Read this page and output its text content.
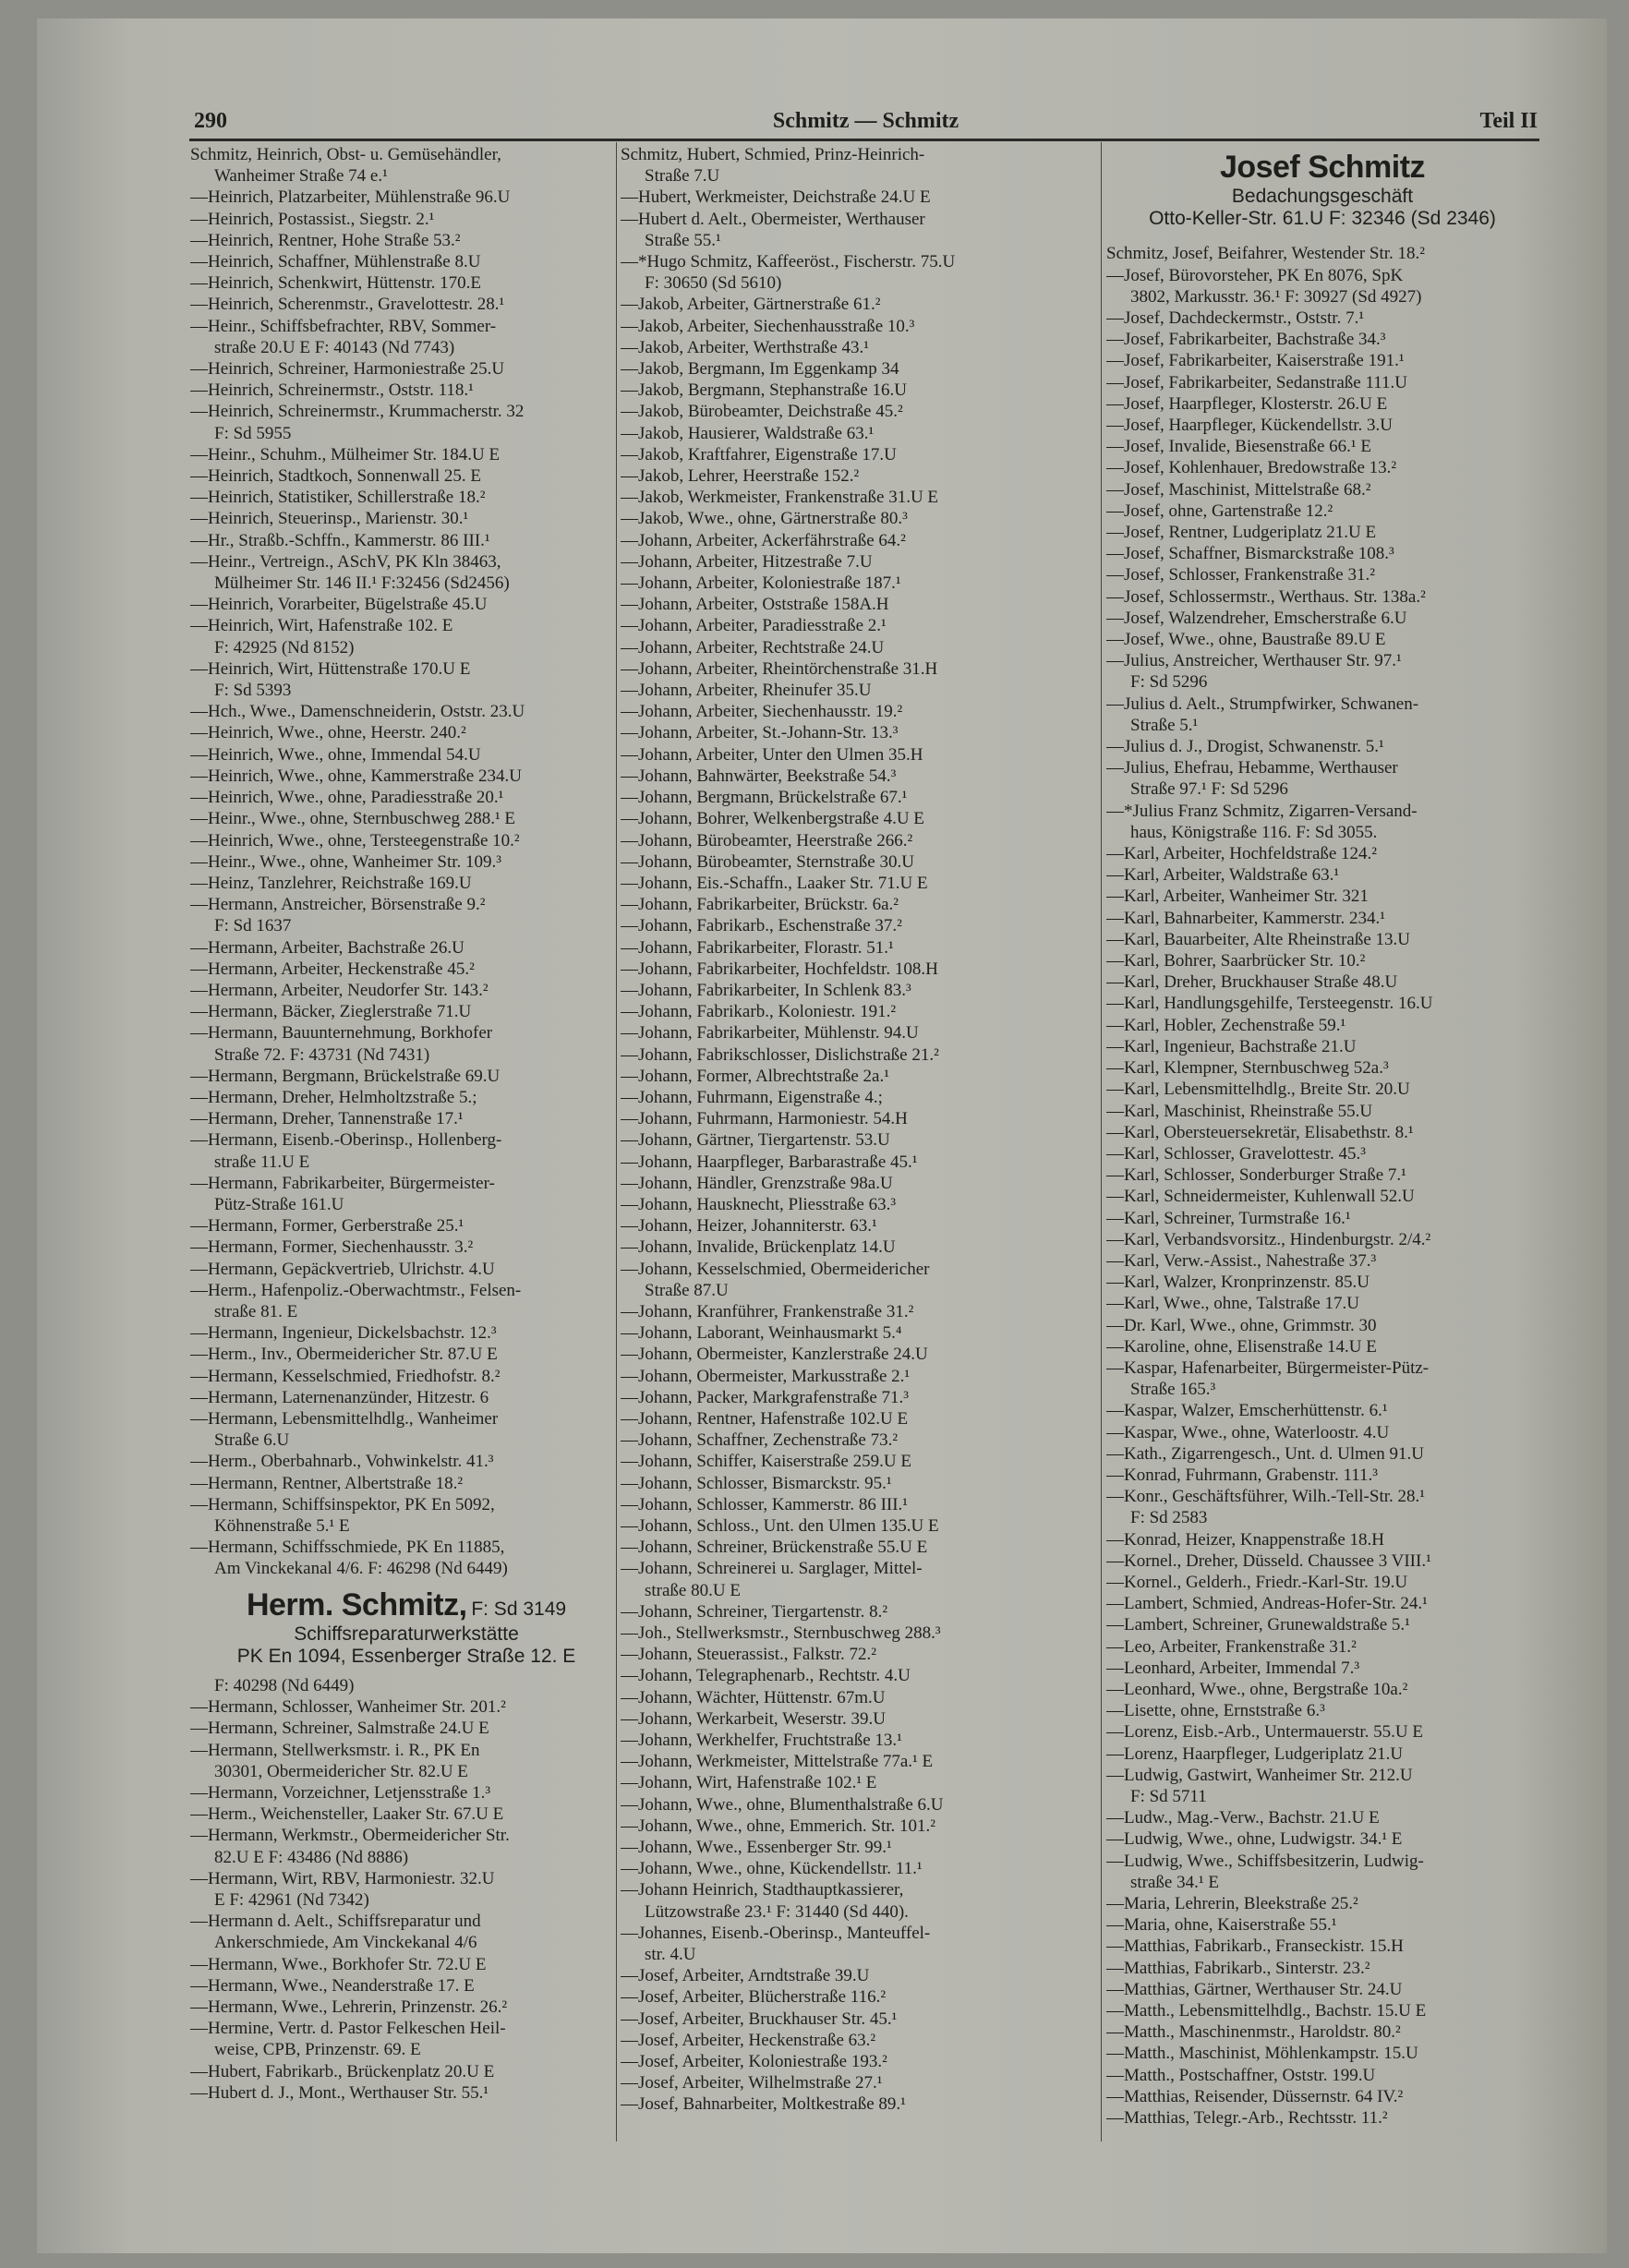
290	Schmitz — Schmitz	Teil II
Schmitz, Heinrich, Obst- u. Gemüsehändler,
Wanheimer Straße 74 e.¹
—Heinrich, Platzarbeiter, Mühlenstraße 96.U
—Heinrich, Postassist., Siegstr. 2.¹
—Heinrich, Rentner, Hohe Straße 53.²
—Heinrich, Schaffner, Mühlenstraße 8.U
—Heinrich, Schenkwirt, Hüttenstr. 170.E
—Heinrich, Scherenmstr., Gravelottestr. 28.¹
—Heinr., Schiffsbefrachter, RBV, Sommer-
straße 20.U E F: 40143 (Nd 7743)
—Heinrich, Schreiner, Harmoniestraße 25.U
—Heinrich, Schreinermstr., Oststr. 118.¹
—Heinrich, Schreinermstr., Krummacherstr. 32
F: Sd 5955
—Heinr., Schuhm., Mülheimer Str. 184.U E
—Heinrich, Stadtkoch, Sonnenwall 25. E
—Heinrich, Statistiker, Schillerstraße 18.²
—Heinrich, Steuerinsp., Marienstr. 30.¹
—Hr., Straßb.-Schffn., Kammerstr. 86 III.¹
—Heinr., Vertreign., ASchV, PK Kln 38463,
Mülheimer Str. 146 II.¹ F:32456 (Sd2456)
—Heinrich, Vorarbeiter, Bügelstraße 45.U
—Heinrich, Wirt, Hafenstraße 102. E
F: 42925 (Nd 8152)
—Heinrich, Wirt, Hüttenstraße 170.U E
F: Sd 5393
—Hch., Wwe., Damenschneiderin, Oststr. 23.U
—Heinrich, Wwe., ohne, Heerstr. 240.²
—Heinrich, Wwe., ohne, Immendal 54.U
—Heinrich, Wwe., ohne, Kammerstraße 234.U
—Heinrich, Wwe., ohne, Paradiesstraße 20.¹
—Heinr., Wwe., ohne, Sternbuschweg 288.¹ E
—Heinrich, Wwe., ohne, Tersteegenstraße 10.²
—Heinr., Wwe., ohne, Wanheimer Str. 109.³
—Heinz, Tanzlehrer, Reichstraße 169.U
—Hermann, Anstreicher, Börsenstraße 9.²
F: Sd 1637
—Hermann, Arbeiter, Bachstraße 26.U
—Hermann, Arbeiter, Heckenstraße 45.²
—Hermann, Arbeiter, Neudorfer Str. 143.²
—Hermann, Bäcker, Zieglerstraße 71.U
—Hermann, Bauunternehmung, Borkhofer
Straße 72. F: 43731 (Nd 7431)
—Hermann, Bergmann, Brückelstraße 69.U
—Hermann, Dreher, Helmholtzstraße 5.;
—Hermann, Dreher, Tannenstraße 17.¹
—Hermann, Eisenb.-Oberinsp., Hollenberg-
straße 11.U E
—Hermann, Fabrikarbeiter, Bürgermeister-
Pütz-Straße 161.U
—Hermann, Former, Gerberstraße 25.¹
—Hermann, Former, Siechenhausstr. 3.²
—Hermann, Gepäckvertrieb, Ulrichstr. 4.U
—Herm., Hafenpoliz.-Oberwachtmstr., Felsen-
straße 81. E
—Hermann, Ingenieur, Dickelsbachstr. 12.³
—Herm., Inv., Obermeidericher Str. 87.U E
—Hermann, Kesselschmied, Friedhofstr. 8.²
—Hermann, Laternenanzünder, Hitzestr. 6
—Hermann, Lebensmittelhdlg., Wanheimer
Straße 6.U
—Herm., Oberbahnarb., Vohwinkelstr. 41.³
—Hermann, Rentner, Albertstraße 18.²
—Hermann, Schiffsinspektor, PK En 5092,
Köhnenstraße 5.¹ E
—Hermann, Schiffsschmiede, PK En 11885,
Am Vinckekanal 4/6. F: 46298 (Nd 6449)
Herm. Schmitz, F: Sd 3149
Schiffsreparaturwerkstätte
PK En 1094, Essenberger Straße 12. E
F: 40298 (Nd 6449)
—Hermann, Schlosser, Wanheimer Str. 201.²
—Hermann, Schreiner, Salmstraße 24.U E
—Hermann, Stellwerksmstr. i. R., PK En
30301, Obermeidericher Str. 82.U E
—Hermann, Vorzeichner, Letjensstraße 1.³
—Herm., Weichensteller, Laaker Str. 67.U E
—Hermann, Werkmstr., Obermeidericher Str.
82.U E F: 43486 (Nd 8886)
—Hermann, Wirt, RBV, Harmoniestr. 32.U
E F: 42961 (Nd 7342)
—Hermann d. Aelt., Schiffsreparatur und
Ankerschmiede, Am Vinckekanal 4/6
—Hermann, Wwe., Borkhofer Str. 72.U E
—Hermann, Wwe., Neanderstraße 17. E
—Hermann, Wwe., Lehrerin, Prinzenstr. 26.²
—Hermine, Vertr. d. Pastor Felkeschen Heil-
weise, CPB, Prinzenstr. 69. E
—Hubert, Fabrikarb., Brückenplatz 20.U E
—Hubert d. J., Mont., Werthauser Str. 55.¹
Schmitz, Hubert, Schmied, Prinz-Heinrich-
Straße 7.U
—Hubert, Werkmeister, Deichstraße 24.U E
—Hubert d. Aelt., Obermeister, Werthauser
Straße 55.¹
—*Hugo Schmitz, Kaffeeröst., Fischerstr. 75.U
F: 30650 (Sd 5610)
—Jakob, Arbeiter, Gärtnerstraße 61.²
—Jakob, Arbeiter, Siechenhausstraße 10.³
—Jakob, Arbeiter, Werthstraße 43.¹
—Jakob, Bergmann, Im Eggenkamp 34
—Jakob, Bergmann, Stephanstraße 16.U
—Jakob, Bürobeamter, Deichstraße 45.²
—Jakob, Hausierer, Waldstraße 63.¹
—Jakob, Kraftfahrer, Eigenstraße 17.U
—Jakob, Lehrer, Heerstraße 152.²
—Jakob, Werkmeister, Frankenstraße 31.U E
—Jakob, Wwe., ohne, Gärtnerstraße 80.³
—Johann, Arbeiter, Ackerfährstraße 64.²
—Johann, Arbeiter, Hitzestraße 7.U
—Johann, Arbeiter, Koloniestraße 187.¹
—Johann, Arbeiter, Oststraße 158A.H
—Johann, Arbeiter, Paradiesstraße 2.¹
—Johann, Arbeiter, Rechtstraße 24.U
—Johann, Arbeiter, Rheintörchenstraße 31.H
—Johann, Arbeiter, Rheinufer 35.U
—Johann, Arbeiter, Siechenhausstr. 19.²
—Johann, Arbeiter, St.-Johann-Str. 13.³
—Johann, Arbeiter, Unter den Ulmen 35.H
—Johann, Bahnwärter, Beekstraße 54.³
—Johann, Bergmann, Brückelstraße 67.¹
—Johann, Bohrer, Welkenbergstraße 4.U E
—Johann, Bürobeamter, Heerstraße 266.²
—Johann, Bürobeamter, Sternstraße 30.U
—Johann, Eis.-Schaffn., Laaker Str. 71.U E
—Johann, Fabrikarbeiter, Brückstr. 6a.²
—Johann, Fabrikarb., Eschenstraße 37.²
—Johann, Fabrikarbeiter, Florastr. 51.¹
—Johann, Fabrikarbeiter, Hochfeldstr. 108.H
—Johann, Fabrikarbeiter, In Schlenk 83.³
—Johann, Fabrikarb., Koloniestr. 191.²
—Johann, Fabrikarbeiter, Mühlenstr. 94.U
—Johann, Fabrikschlosser, Dislichstraße 21.²
—Johann, Former, Albrechtstraße 2a.¹
—Johann, Fuhrmann, Eigenstraße 4.;
—Johann, Fuhrmann, Harmoniestr. 54.H
—Johann, Gärtner, Tiergartenstr. 53.U
—Johann, Haarpfleger, Barbarastraße 45.¹
—Johann, Händler, Grenzstraße 98a.U
—Johann, Hausknecht, Pliesstraße 63.³
—Johann, Heizer, Johanniterstr. 63.¹
—Johann, Invalide, Brückenplatz 14.U
—Johann, Kesselschmied, Obermeidericher
Straße 87.U
—Johann, Kranführer, Frankenstraße 31.²
—Johann, Laborant, Weinhausmarkt 5.⁴
—Johann, Obermeister, Kanzlerstraße 24.U
—Johann, Obermeister, Markusstraße 2.¹
—Johann, Packer, Markgrafenstraße 71.³
—Johann, Rentner, Hafenstraße 102.U E
—Johann, Schaffner, Zechenstraße 73.²
—Johann, Schiffer, Kaiserstraße 259.U E
—Johann, Schlosser, Bismarckstr. 95.¹
—Johann, Schlosser, Kammerstr. 86 III.¹
—Johann, Schloss., Unt. den Ulmen 135.U E
—Johann, Schreiner, Brückenstraße 55.U E
—Johann, Schreinerei u. Sarglager, Mittel-
straße 80.U E
—Johann, Schreiner, Tiergartenstr. 8.²
—Joh., Stellwerksmstr., Sternbuschweg 288.³
—Johann, Steuerassist., Falkstr. 72.²
—Johann, Telegraphenarb., Rechtstr. 4.U
—Johann, Wächter, Hüttenstr. 67m.U
—Johann, Werkarbeit, Weserstr. 39.U
—Johann, Werkhelfer, Fruchtstraße 13.¹
—Johann, Werkmeister, Mittelstraße 77a.¹ E
—Johann, Wirt, Hafenstraße 102.¹ E
—Johann, Wwe., ohne, Blumenthalstraße 6.U
—Johann, Wwe., ohne, Emmerich. Str. 101.²
—Johann, Wwe., Essenberger Str. 99.¹
—Johann, Wwe., ohne, Kückendellstr. 11.¹
—Johann Heinrich, Stadthauptkassierer,
Lützowstraße 23.¹ F: 31440 (Sd 440).
—Johannes, Eisenb.-Oberinsp., Manteuffel-
str. 4.U
—Josef, Arbeiter, Arndtstraße 39.U
—Josef, Arbeiter, Blücherstraße 116.²
—Josef, Arbeiter, Bruckhauser Str. 45.¹
—Josef, Arbeiter, Heckenstraße 63.²
—Josef, Arbeiter, Koloniestraße 193.²
—Josef, Arbeiter, Wilhelmstraße 27.¹
—Josef, Bahnarbeiter, Moltkestraße 89.¹
Josef Schmitz
Bedachungsgeschäft
Otto-Keller-Str. 61.U F: 32346 (Sd 2346)
Schmitz, Josef, Beifahrer, Westender Str. 18.²
—Josef, Bürovorsteher, PK En 8076, SpK
3802, Markusstr. 36.¹ F: 30927 (Sd 4927)
—Josef, Dachdeckermstr., Oststr. 7.¹
—Josef, Fabrikarbeiter, Bachstraße 34.³
—Josef, Fabrikarbeiter, Kaiserstraße 191.¹
—Josef, Fabrikarbeiter, Sedanstraße 111.U
—Josef, Haarpfleger, Klosterstr. 26.U E
—Josef, Haarpfleger, Kückendellstr. 3.U
—Josef, Invalide, Biesenstraße 66.¹ E
—Josef, Kohlenhauer, Bredowstraße 13.²
—Josef, Maschinist, Mittelstraße 68.²
—Josef, ohne, Gartenstraße 12.²
—Josef, Rentner, Ludgeriplatz 21.U E
—Josef, Schaffner, Bismarckstraße 108.³
—Josef, Schlosser, Frankenstraße 31.²
—Josef, Schlossermstr., Werthaus. Str. 138a.²
—Josef, Walzendreher, Emscherstraße 6.U
—Josef, Wwe., ohne, Baustraße 89.U E
—Julius, Anstreicher, Werthauser Str. 97.¹
F: Sd 5296
—Julius d. Aelt., Strumpfwirker, Schwanen-
Straße 5.¹
—Julius d. J., Drogist, Schwanenstr. 5.¹
—Julius, Ehefrau, Hebamme, Werthauser
Straße 97.¹ F: Sd 5296
—*Julius Franz Schmitz, Zigarren-Versand-
haus, Königstraße 116. F: Sd 3055.
—Karl, Arbeiter, Hochfeldstraße 124.²
—Karl, Arbeiter, Waldstraße 63.¹
—Karl, Arbeiter, Wanheimer Str. 321
—Karl, Bahnarbeiter, Kammerstr. 234.¹
—Karl, Bauarbeiter, Alte Rheinstraße 13.U
—Karl, Bohrer, Saarbrücker Str. 10.²
—Karl, Dreher, Bruckhauser Straße 48.U
—Karl, Handlungsgehilfe, Tersteegenstr. 16.U
—Karl, Hobler, Zechenstraße 59.¹
—Karl, Ingenieur, Bachstraße 21.U
—Karl, Klempner, Sternbuschweg 52a.³
—Karl, Lebensmittelhdlg., Breite Str. 20.U
—Karl, Maschinist, Rheinstraße 55.U
—Karl, Obersteuersekretär, Elisabethstr. 8.¹
—Karl, Schlosser, Gravelottestr. 45.³
—Karl, Schlosser, Sonderburger Straße 7.¹
—Karl, Schneidermeister, Kuhlenwall 52.U
—Karl, Schreiner, Turmstraße 16.¹
—Karl, Verbandsvorsitz., Hindenburgstr. 2/4.²
—Karl, Verw.-Assist., Nahestraße 37.³
—Karl, Walzer, Kronprinzenstr. 85.U
—Karl, Wwe., ohne, Talstraße 17.U
—Dr. Karl, Wwe., ohne, Grimmstr. 30
—Karoline, ohne, Elisenstraße 14.U E
—Kaspar, Hafenarbeiter, Bürgermeister-Pütz-
Straße 165.³
—Kaspar, Walzer, Emscherhüttenstr. 6.¹
—Kaspar, Wwe., ohne, Waterloostr. 4.U
—Kath., Zigarrengesch., Unt. d. Ulmen 91.U
—Konrad, Fuhrmann, Grabenstr. 111.³
—Konr., Geschäftsführer, Wilh.-Tell-Str. 28.¹
F: Sd 2583
—Konrad, Heizer, Knappenstraße 18.H
—Kornel., Dreher, Düsseld. Chaussee 3 VIII.¹
—Kornel., Gelderh., Friedr.-Karl-Str. 19.U
—Lambert, Schmied, Andreas-Hofer-Str. 24.¹
—Lambert, Schreiner, Grunewaldstraße 5.¹
—Leo, Arbeiter, Frankenstraße 31.²
—Leonhard, Arbeiter, Immendal 7.³
—Leonhard, Wwe., ohne, Bergstraße 10a.²
—Lisette, ohne, Ernststraße 6.³
—Lorenz, Eisb.-Arb., Untermauerstr. 55.U E
—Lorenz, Haarpfleger, Ludgeriplatz 21.U
—Ludwig, Gastwirt, Wanheimer Str. 212.U
F: Sd 5711
—Ludw., Mag.-Verw., Bachstr. 21.U E
—Ludwig, Wwe., ohne, Ludwigstr. 34.¹ E
—Ludwig, Wwe., Schiffsbesitzerin, Ludwig-
straße 34.¹ E
—Maria, Lehrerin, Bleekstraße 25.²
—Maria, ohne, Kaiserstraße 55.¹
—Matthias, Fabrikarb., Franseckistr. 15.H
—Matthias, Fabrikarb., Sinterstr. 23.²
—Matthias, Gärtner, Werthauser Str. 24.U
—Matth., Lebensmittelhdlg., Bachstr. 15.U E
—Matth., Maschinenmstr., Haroldstr. 80.²
—Matth., Maschinist, Möhlenkampstr. 15.U
—Matth., Postschaffner, Oststr. 199.U
—Matthias, Reisender, Düssernstr. 64 IV.²
—Matthias, Telegr.-Arb., Rechtsstr. 11.²
